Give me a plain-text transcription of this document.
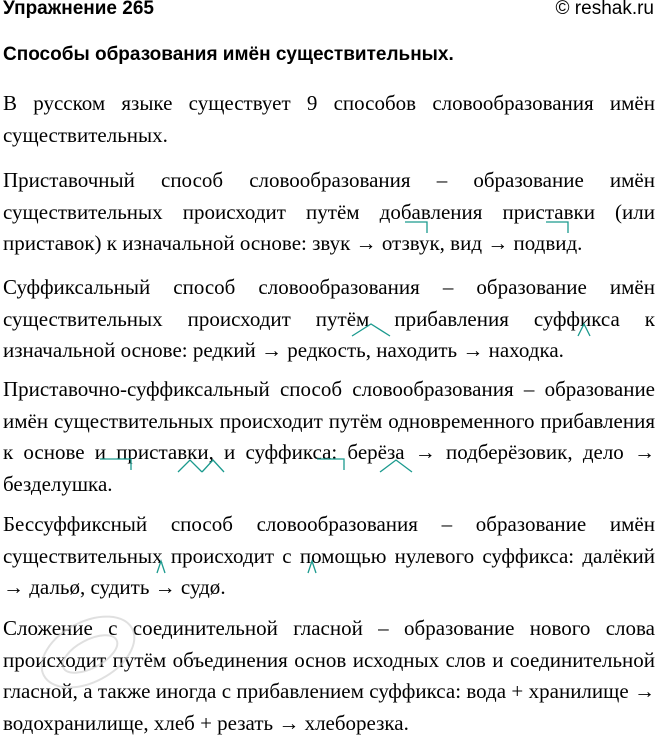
Упражнение 265	© reshak.ru
Способы образования имён существительных.

В русском языке существует 9 способов словообразования имён существительных.

Приставочный способ словообразования – образование имён существительных происходит путём добавления приставки (или приставок) к изначальной основе: звук → отзвук, вид → подвид.

Суффиксальный способ словообразования – образование имён существительных происходит путём прибавления суффикса к изначальной основе: редкий → редкость, находить → находка.

Приставочно-суффиксальный способ словообразования – образование имён существительных происходит путём одновременного прибавления к основе и приставки, и суффикса: берёза → подберёзовик, дело → безделушка.

Бессуффиксный способ словообразования – образование имён существительных происходит с помощью нулевого суффикса: далёкий → дальø, судить → судø.

Сложение с соединительной гласной – образование нового слова происходит путём объединения основ исходных слов и соединительной гласной, а также иногда с прибавлением суффикса: вода + хранилище → водохранилище, хлеб + резать → хлеборезка.
